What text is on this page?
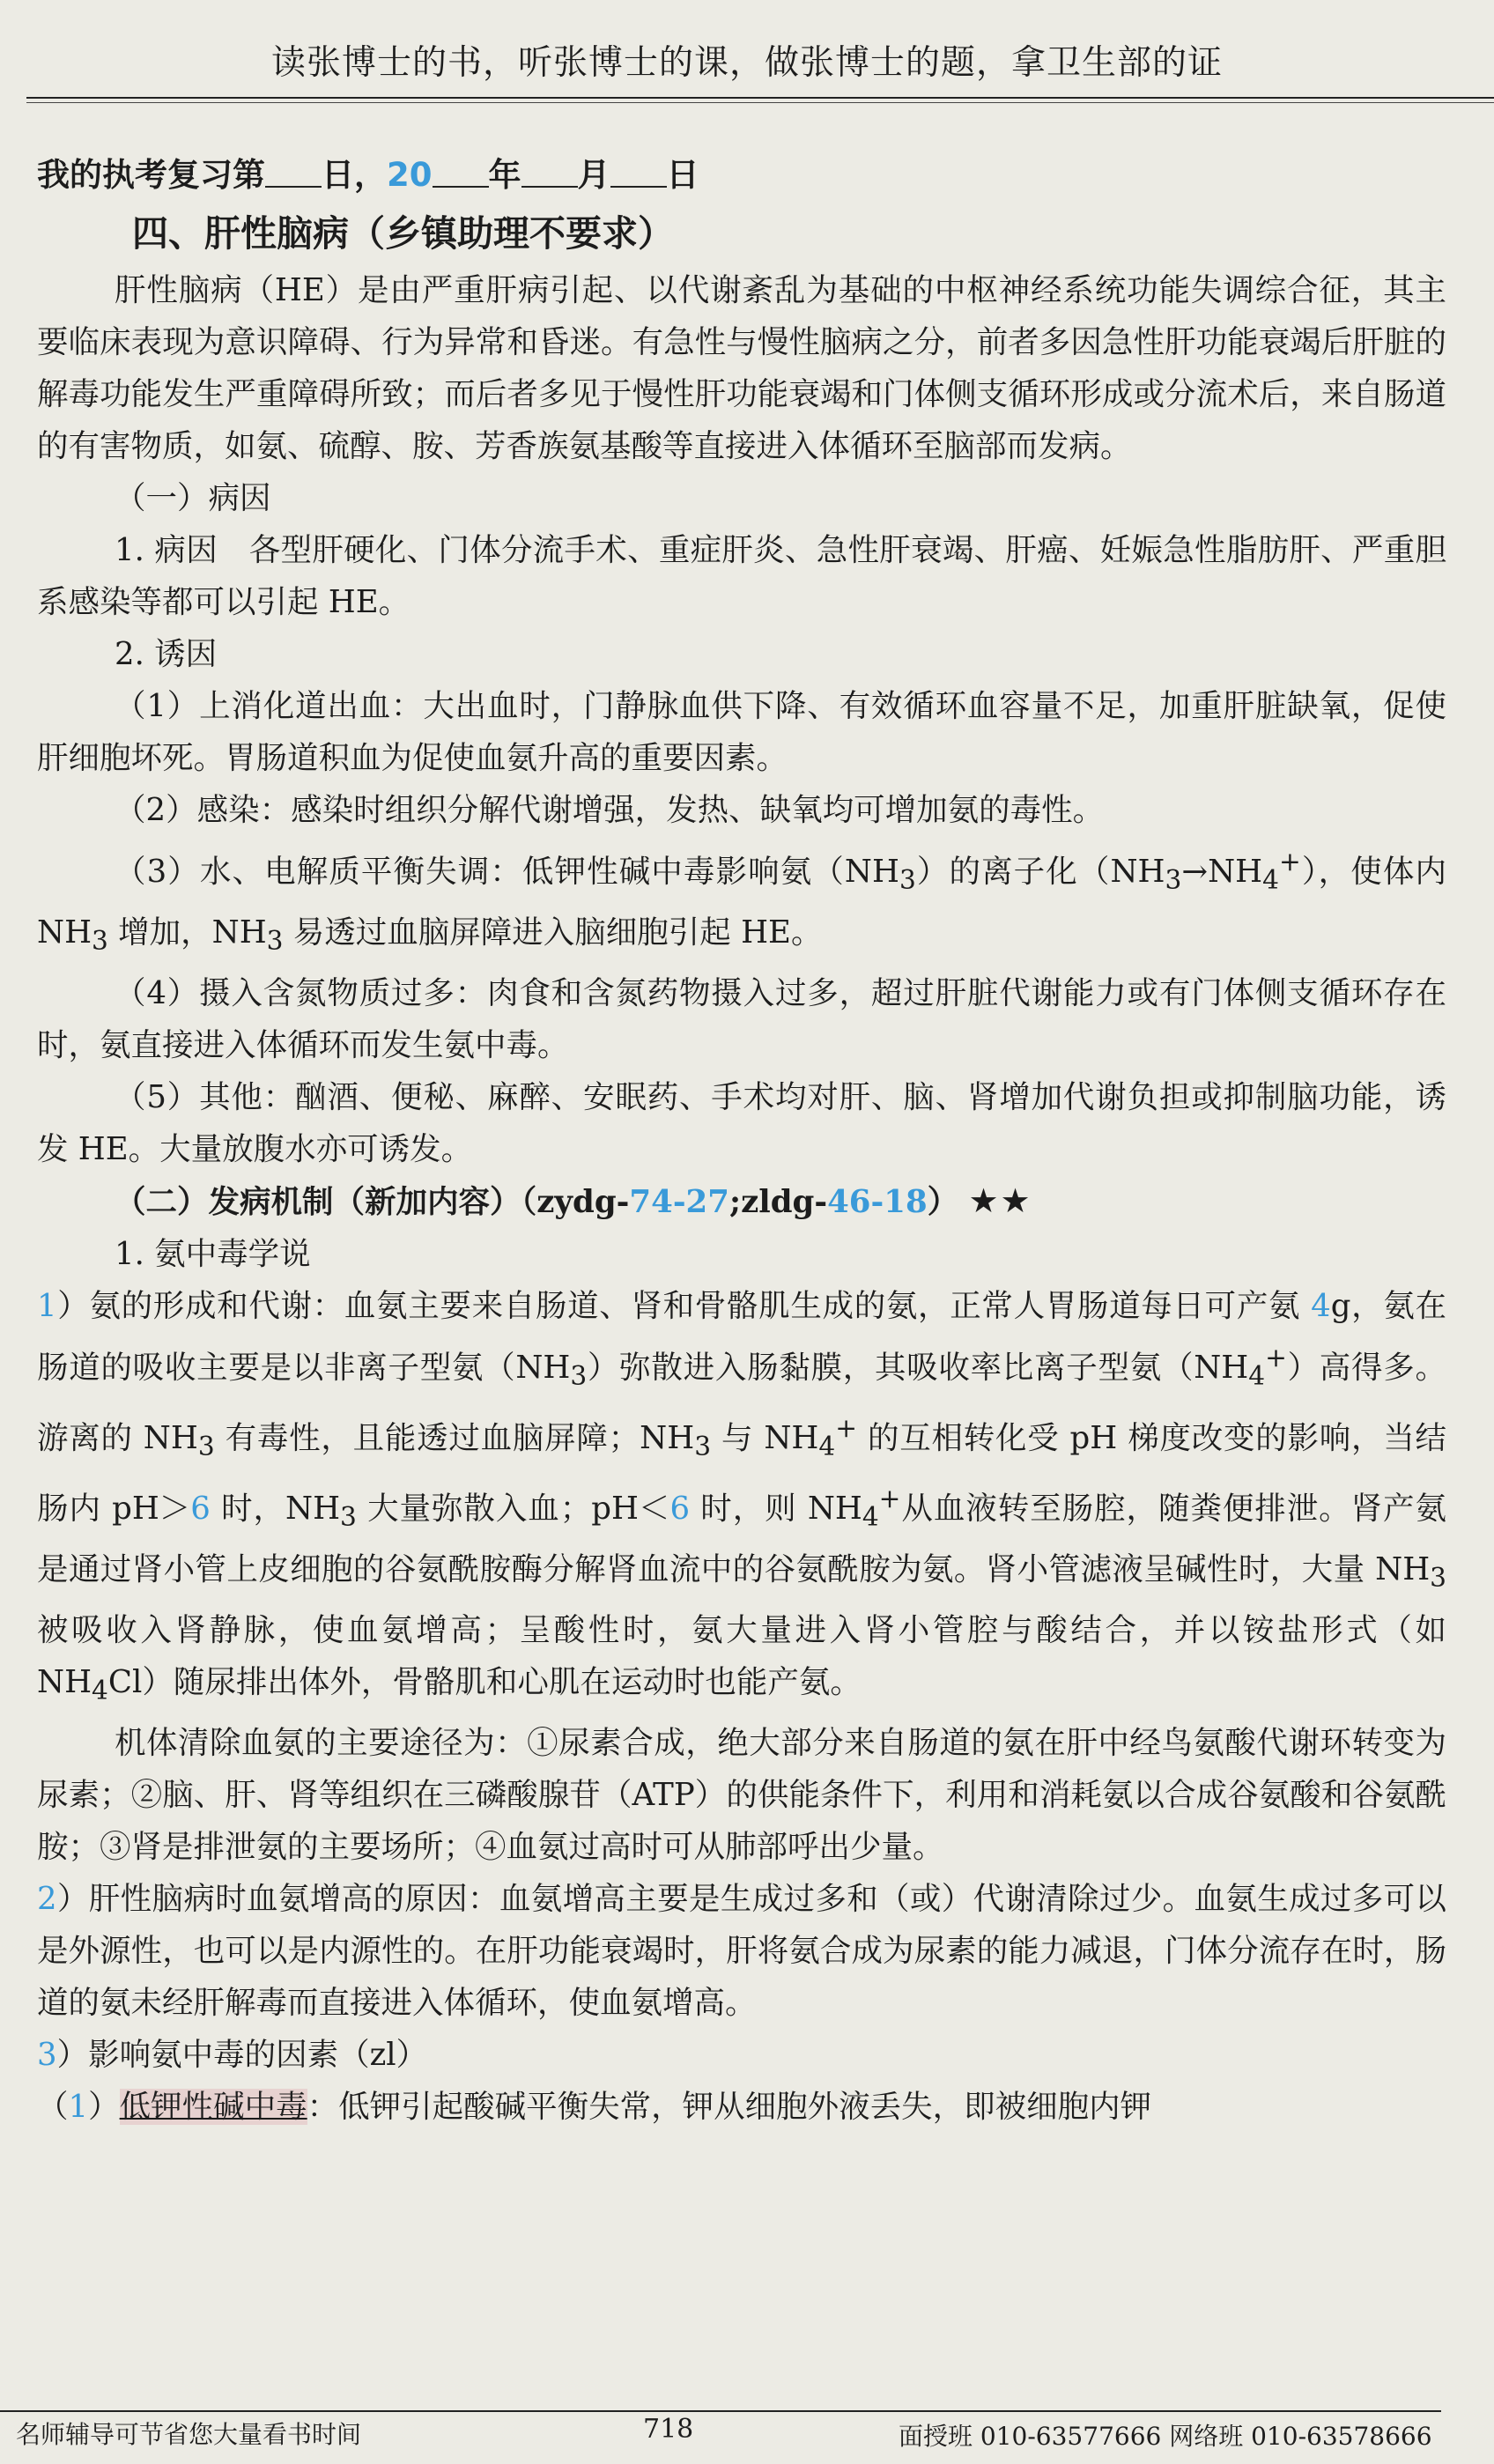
读张博士的书，听张博士的课，做张博士的题，拿卫生部的证
我的执考复习第 日，20 年 月 日
四、肝性脑病（乡镇助理不要求）

肝性脑病（HE）是由严重肝病引起、以代谢紊乱为基础的中枢神经系统功能失调综合征，其主要临床表现为意识障碍、行为异常和昏迷。有急性与慢性脑病之分，前者多因急性肝功能衰竭后肝脏的解毒功能发生严重障碍所致；而后者多见于慢性肝功能衰竭和门体侧支循环形成或分流术后，来自肠道的有害物质，如氨、硫醇、胺、芳香族氨基酸等直接进入体循环至脑部而发病。

（一）病因

1. 病因　各型肝硬化、门体分流手术、重症肝炎、急性肝衰竭、肝癌、妊娠急性脂肪肝、严重胆系感染等都可以引起 HE。

2. 诱因

（1）上消化道出血：大出血时，门静脉血供下降、有效循环血容量不足，加重肝脏缺氧，促使肝细胞坏死。胃肠道积血为促使血氨升高的重要因素。

（2）感染：感染时组织分解代谢增强，发热、缺氧均可增加氨的毒性。

（3）水、电解质平衡失调：低钾性碱中毒影响氨$(NH_3)$的离子化$(NH_3\to NH_4^+)$，使体内 $NH_3$ 增加，$NH_3$ 易透过血脑屏障进入脑细胞引起 HE。

（4）摄入含氮物质过多：肉食和含氮药物摄入过多，超过肝脏代谢能力或有门体侧支循环存在时，氨直接进入体循环而发生氨中毒。

（5）其他：酗酒、便秘、麻醉、安眠药、手术均对肝、脑、肾增加代谢负担或抑制脑功能，诱发 HE。大量放腹水亦可诱发。

（二）发病机制（新加内容）（zydg-74-27;zldg-46-18） ★★

1. 氨中毒学说

1）氨的形成和代谢：血氨主要来自肠道、肾和骨骼肌生成的氨，正常人胃肠道每日可产氨 4g，氨在肠道的吸收主要是以非离子型氨$(NH_3)$弥散进入肠黏膜，其吸收率比离子型氨$(NH_4^+)$高得多。游离的 $NH_3$ 有毒性，且能透过血脑屏障；$NH_3$ 与 $NH_4^+$ 的互相转化受 pH 梯度改变的影响，当结肠内 pH＞6 时，$NH_3$ 大量弥散入血；pH＜6 时，则 $NH_4^+$从血液转至肠腔，随粪便排泄。肾产氨是通过肾小管上皮细胞的谷氨酰胺酶分解肾血流中的谷氨酰胺为氨。肾小管滤液呈碱性时，大量 $NH_3$ 被吸收入肾静脉，使血氨增高；呈酸性时，氨大量进入肾小管腔与酸结合，并以铵盐形式（如 $NH_4Cl$）随尿排出体外，骨骼肌和心肌在运动时也能产氨。

机体清除血氨的主要途径为：①尿素合成，绝大部分来自肠道的氨在肝中经鸟氨酸代谢环转变为尿素；②脑、肝、肾等组织在三磷酸腺苷（ATP）的供能条件下，利用和消耗氨以合成谷氨酸和谷氨酰胺；③肾是排泄氨的主要场所；④血氨过高时可从肺部呼出少量。

2）肝性脑病时血氨增高的原因：血氨增高主要是生成过多和（或）代谢清除过少。血氨生成过多可以是外源性，也可以是内源性的。在肝功能衰竭时，肝将氨合成为尿素的能力减退，门体分流存在时，肠道的氨未经肝解毒而直接进入体循环，使血氨增高。

3）影响氨中毒的因素（zl）

（1）低钾性碱中毒：低钾引起酸碱平衡失常，钾从细胞外液丢失，即被细胞内钾

名师辅导可节省您大量看书时间	718	面授班 010-63577666 网络班 010-63578666
